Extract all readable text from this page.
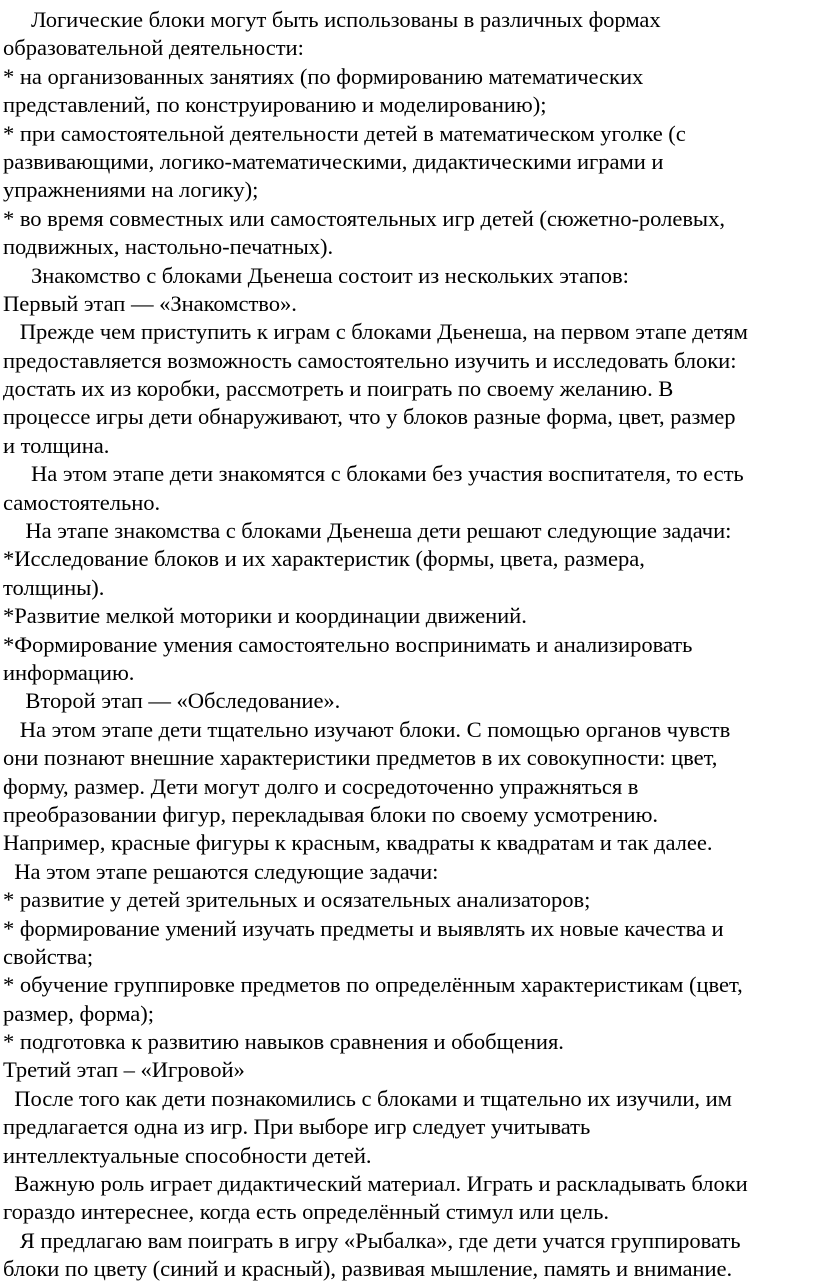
Логические блоки могут быть использованы в различных формах
образовательной деятельности:
* на организованных занятиях (по формированию математических
представлений, по конструированию и моделированию);
* при самостоятельной деятельности детей в математическом уголке (с
развивающими, логико-математическими, дидактическими играми и
упражнениями на логику);
* во время совместных или самостоятельных игр детей (сюжетно-ролевых,
подвижных, настольно-печатных).
Знакомство с блоками Дьенеша состоит из нескольких этапов:
Первый этап — «Знакомство».
Прежде чем приступить к играм с блоками Дьенеша, на первом этапе детям
предоставляется возможность самостоятельно изучить и исследовать блоки:
достать их из коробки, рассмотреть и поиграть по своему желанию. В
процессе игры дети обнаруживают, что у блоков разные форма, цвет, размер
и толщина.
На этом этапе дети знакомятся с блоками без участия воспитателя, то есть
самостоятельно.
На этапе знакомства с блоками Дьенеша дети решают следующие задачи:
*Исследование блоков и их характеристик (формы, цвета, размера,
толщины).
*Развитие мелкой моторики и координации движений.
*Формирование умения самостоятельно воспринимать и анализировать
информацию.
Второй этап — «Обследование».
На этом этапе дети тщательно изучают блоки. С помощью органов чувств
они познают внешние характеристики предметов в их совокупности: цвет,
форму, размер. Дети могут долго и сосредоточенно упражняться в
преобразовании фигур, перекладывая блоки по своему усмотрению.
Например, красные фигуры к красным, квадраты к квадратам и так далее.
На этом этапе решаются следующие задачи:
* развитие у детей зрительных и осязательных анализаторов;
* формирование умений изучать предметы и выявлять их новые качества и
свойства;
* обучение группировке предметов по определённым характеристикам (цвет,
размер, форма);
* подготовка к развитию навыков сравнения и обобщения.
Третий этап – «Игровой»
После того как дети познакомились с блоками и тщательно их изучили, им
предлагается одна из игр. При выборе игр следует учитывать
интеллектуальные способности детей.
Важную роль играет дидактический материал. Играть и раскладывать блоки
гораздо интереснее, когда есть определённый стимул или цель.
Я предлагаю вам поиграть в игру «Рыбалка», где дети учатся группировать
блоки по цвету (синий и красный), развивая мышление, память и внимание.
